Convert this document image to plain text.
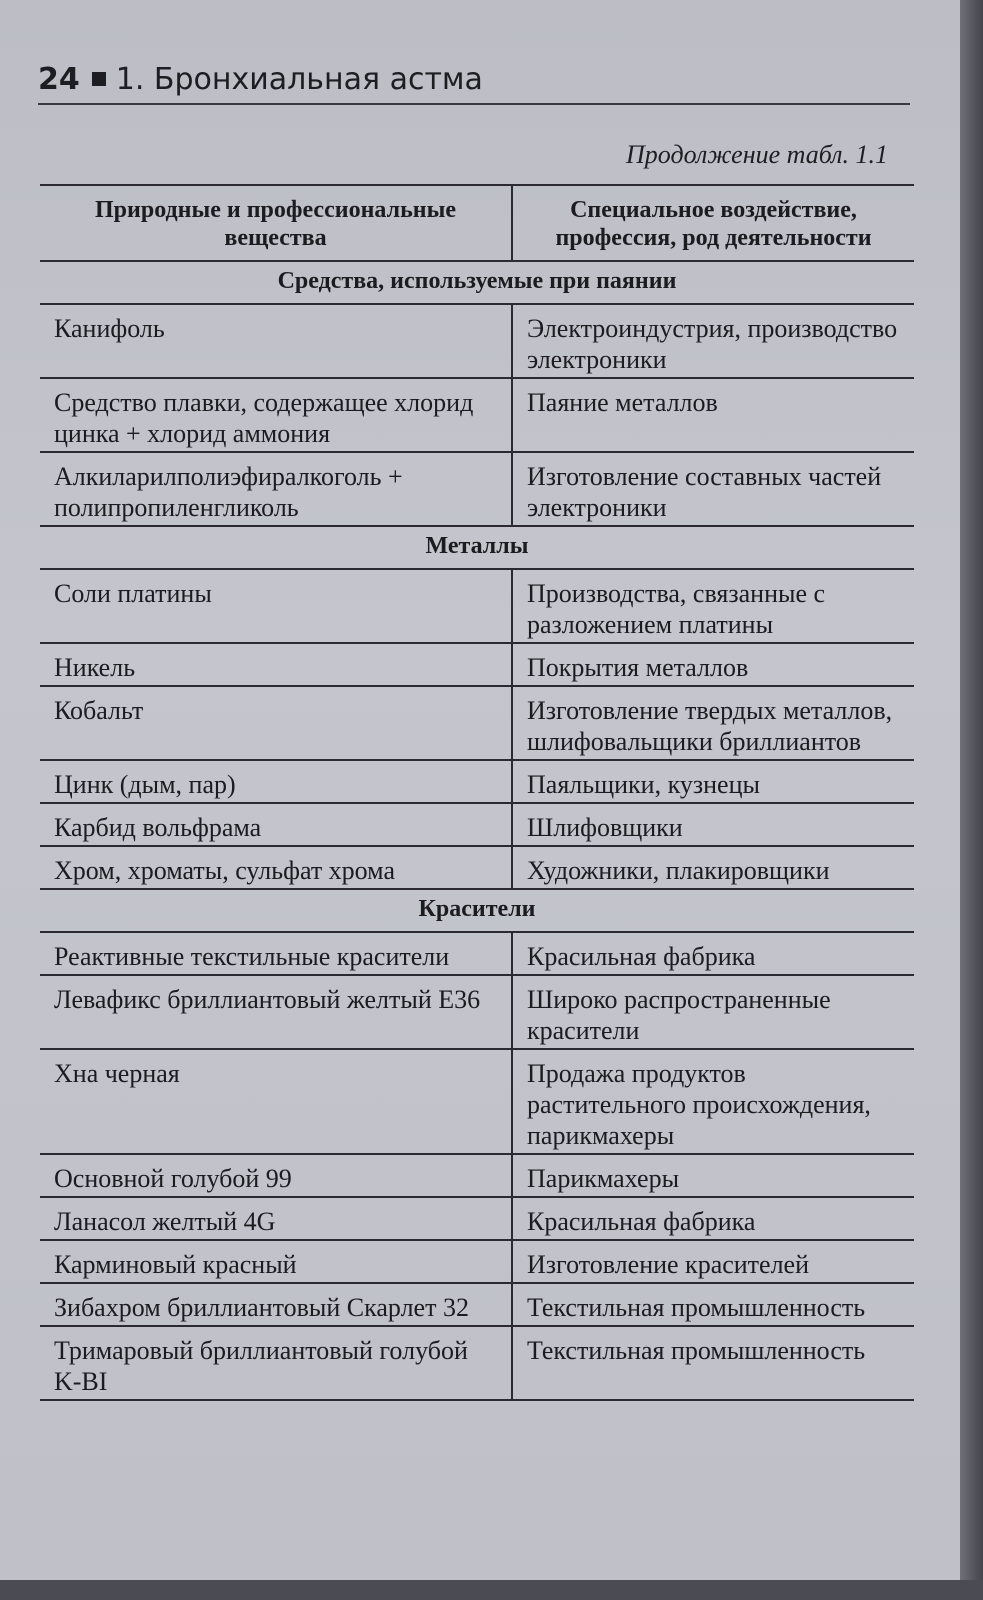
24 1. Бронхиальная астма
Продолжение табл. 1.1
Природные и профессиональные вещества	Специальное воздействие, профессия, род деятельности
Средства, используемые при паянии	
Канифоль	Электроиндустрия, производство электроники
Средство плавки, содержащее хлорид цинка + хлорид аммония	Паяние металлов
Алкиларилполиэфиралкоголь + полипропиленгликоль	Изготовление составных частей электроники
Металлы	
Соли платины	Производства, связанные с разложением платины
Никель	Покрытия металлов
Кобальт	Изготовление твердых металлов, шлифовальщики бриллиантов
Цинк (дым, пар)	Паяльщики, кузнецы
Карбид вольфрама	Шлифовщики
Хром, хроматы, сульфат хрома	Художники, плакировщики
Красители	
Реактивные текстильные красители	Красильная фабрика
Левафикс бриллиантовый желтый Е36	Широко распространенные красители
Хна черная	Продажа продуктов растительного происхождения, парикмахеры
Основной голубой 99	Парикмахеры
Ланасол желтый 4G	Красильная фабрика
Карминовый красный	Изготовление красителей
Зибахром бриллиантовый Скарлет 32	Текстильная промышленность
Тримаровый бриллиантовый голубой K-BI	Текстильная промышленность
